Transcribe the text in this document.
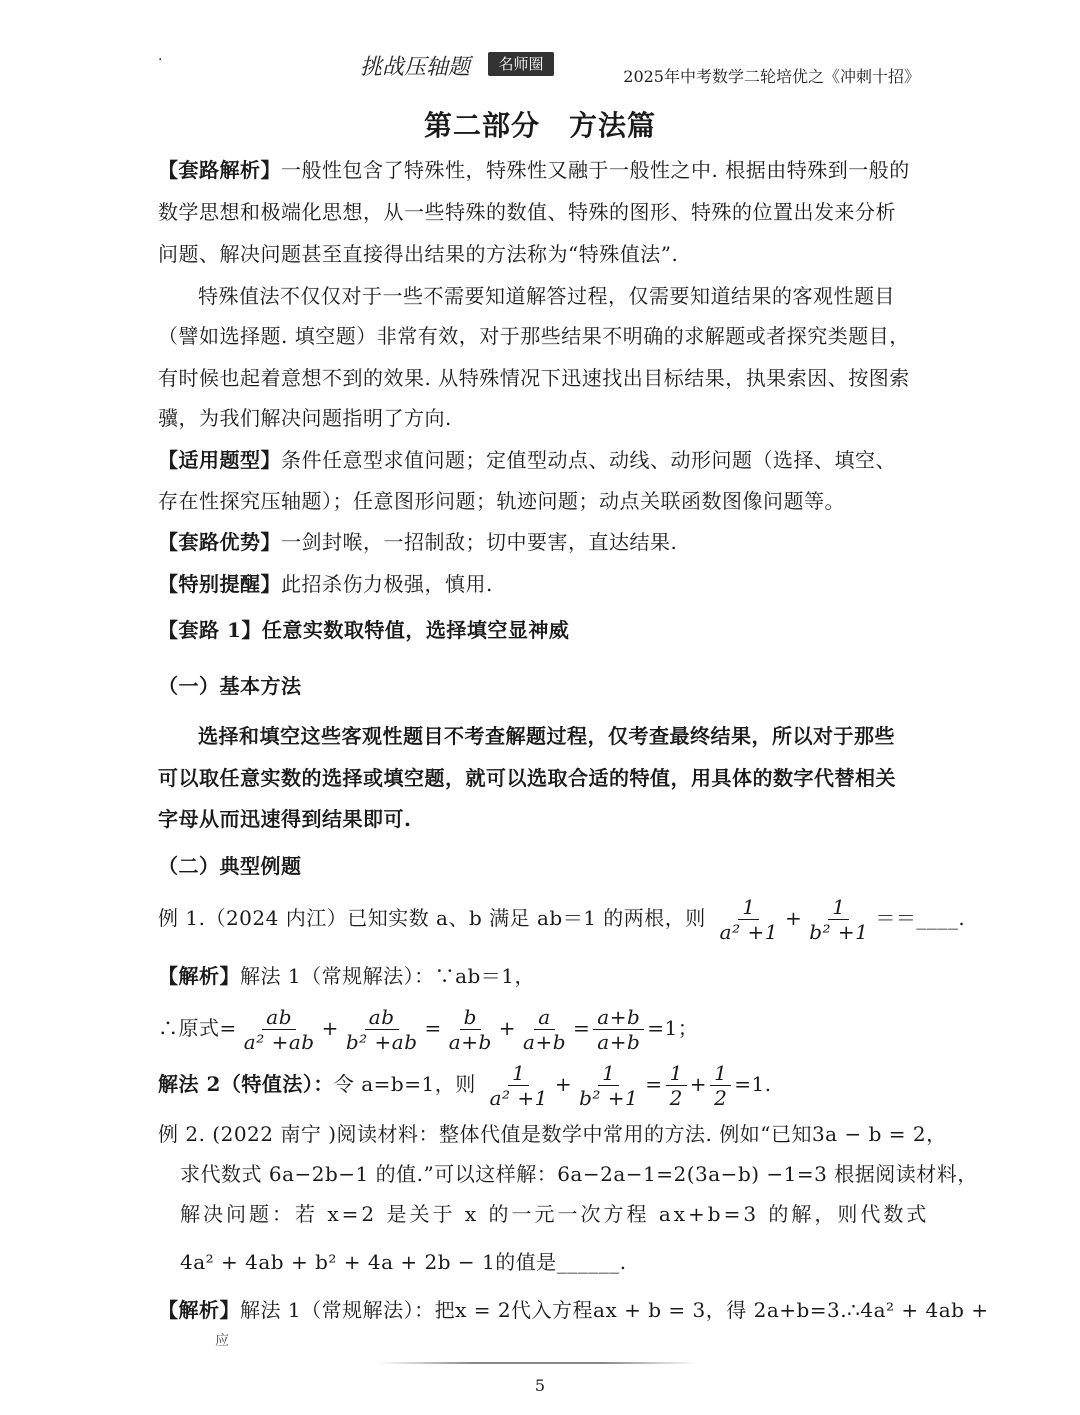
·	挑战压轴题	名师圈
2025年中考数学二轮培优之《冲刺十招》
第二部分　方法篇
【套路解析】一般性包含了特殊性，特殊性又融于一般性之中. 根据由特殊到一般的
数学思想和极端化思想，从一些特殊的数值、特殊的图形、特殊的位置出发来分析
问题、解决问题甚至直接得出结果的方法称为“特殊值法”.
特殊值法不仅仅对于一些不需要知道解答过程，仅需要知道结果的客观性题目
（譬如选择题. 填空题）非常有效，对于那些结果不明确的求解题或者探究类题目，
有时候也起着意想不到的效果. 从特殊情况下迅速找出目标结果，执果索因、按图索
骥，为我们解决问题指明了方向.
【适用题型】条件任意型求值问题；定值型动点、动线、动形问题（选择、填空、
存在性探究压轴题）；任意图形问题；轨迹问题；动点关联函数图像问题等。
【套路优势】一剑封喉，一招制敌；切中要害，直达结果.
【特别提醒】此招杀伤力极强，慎用.
【套路 1】任意实数取特值，选择填空显神威
（一）基本方法
选择和填空这些客观性题目不考查解题过程，仅考查最终结果，所以对于那些
可以取任意实数的选择或填空题，就可以选取合适的特值，用具体的数字代替相关
字母从而迅速得到结果即可.
（二）典型例题
例 1.（2024 内江）已知实数 a、b 满足 ab＝1 的两根，则 $\frac{1}{\text{a² +1}} + \frac{1}{\text{b² +1}}$ ＝＝____.
【解析】解法 1（常规解法）：∵ab＝1，
∴原式= $\frac{ab}{\text{a² +ab}} + \frac{ab}{\text{b² +ab}} = \frac{b}{a+b} + \frac{a}{a+b} = \frac{a+b}{a+b} =1$；
解法 2（特值法）：令 a=b=1，则 $\frac{1}{\text{a² +1}} + \frac{1}{\text{b² +1}} = \frac{1}{2} + \frac{1}{2} =1$.
例 2. (2022 南宁 )阅读材料：整体代值是数学中常用的方法. 例如“已知3a − b = 2，
求代数式 6a−2b−1 的值.”可以这样解：6a−2a−1=2(3a−b) −1=3 根据阅读材料，
解决问题：若 x=2 是关于 x 的一元一次方程 ax+b=3 的解，则代数式
4a² + 4ab + b² + 4a + 2b − 1的值是______.
【解析】解法 1（常规解法）：把x = 2代入方程ax + b = 3，得 2a+b=3.∴4a² + 4ab +
应
5
